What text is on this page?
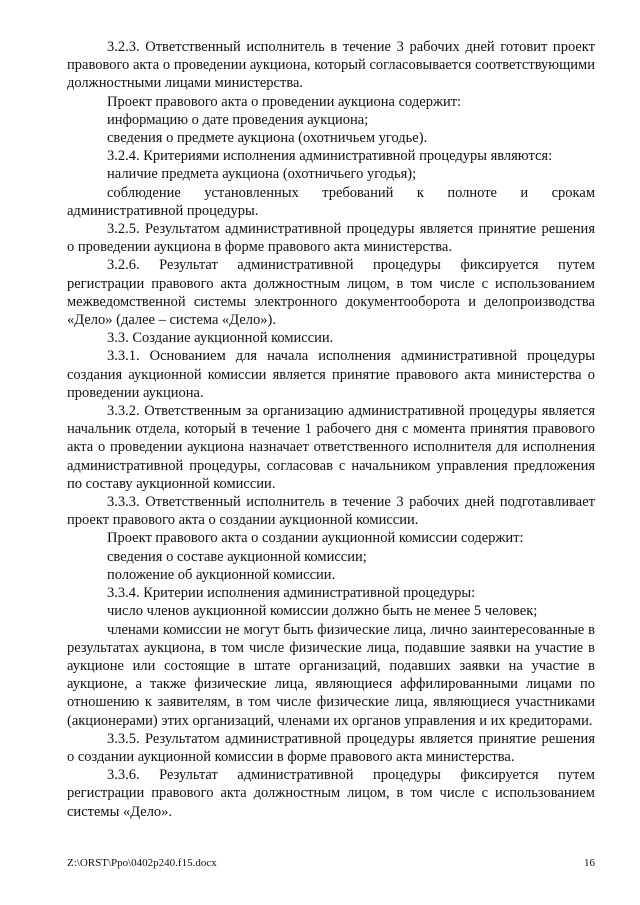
3.2.3. Ответственный исполнитель в течение 3 рабочих дней готовит проект правового акта о проведении аукциона, который согласовывается соответствующими должностными лицами министерства.

Проект правового акта о проведении аукциона содержит:

информацию о дате проведения аукциона;

сведения о предмете аукциона (охотничьем угодье).

3.2.4. Критериями исполнения административной процедуры являются:

наличие предмета аукциона (охотничьего угодья);

соблюдение установленных требований к полноте и срокам административной процедуры.

3.2.5. Результатом административной процедуры является принятие решения о проведении аукциона в форме правового акта министерства.

3.2.6. Результат административной процедуры фиксируется путем регистрации правового акта должностным лицом, в том числе с использованием межведомственной системы электронного документооборота и делопроизводства «Дело» (далее – система «Дело»).

3.3. Создание аукционной комиссии.

3.3.1. Основанием для начала исполнения административной процедуры создания аукционной комиссии является принятие правового акта министерства о проведении аукциона.

3.3.2. Ответственным за организацию административной процедуры является начальник отдела, который в течение 1 рабочего дня с момента принятия правового акта о проведении аукциона назначает ответственного исполнителя для исполнения административной процедуры, согласовав с начальником управления предложения по составу аукционной комиссии.

3.3.3. Ответственный исполнитель в течение 3 рабочих дней подготавливает проект правового акта о создании аукционной комиссии.

Проект правового акта о создании аукционной комиссии содержит:

сведения о составе аукционной комиссии;

положение об аукционной комиссии.

3.3.4. Критерии исполнения административной процедуры:

число членов аукционной комиссии должно быть не менее 5 человек;

членами комиссии не могут быть физические лица, лично заинтересованные в результатах аукциона, в том числе физические лица, подавшие заявки на участие в аукционе или состоящие в штате организаций, подавших заявки на участие в аукционе, а также физические лица, являющиеся аффилированными лицами по отношению к заявителям, в том числе физические лица, являющиеся участниками (акционерами) этих организаций, членами их органов управления и их кредиторами.

3.3.5. Результатом административной процедуры является принятие решения о создании аукционной комиссии в форме правового акта министерства.

3.3.6. Результат административной процедуры фиксируется путем регистрации правового акта должностным лицом, в том числе с использованием системы «Дело».

Z:\ORST\Ppo\0402p240.f15.docx	16
